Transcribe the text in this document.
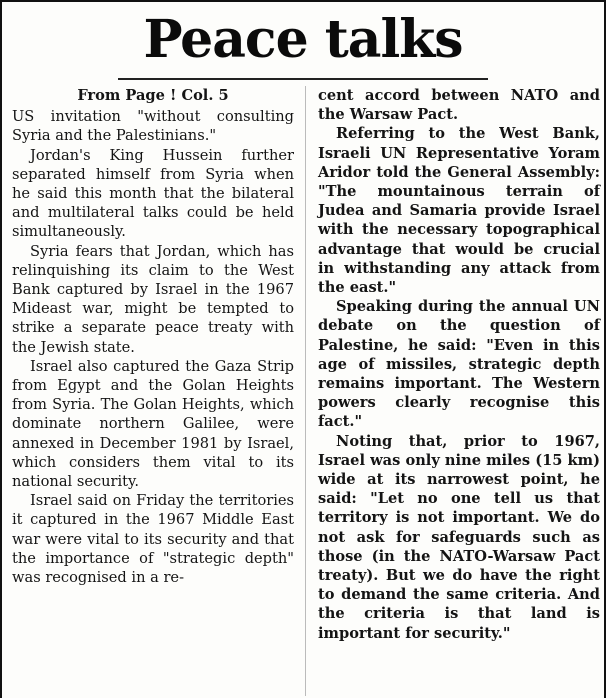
Peace talks

From Page ! Col. 5

US invitation "without consulting Syria and the Palestinians."

Jordan's King Hussein further separated himself from Syria when he said this month that the bilateral and multilateral talks could be held simultaneously.

Syria fears that Jordan, which has relinquishing its claim to the West Bank captured by Israel in the 1967 Mideast war, might be tempted to strike a separate peace treaty with the Jewish state.

Israel also captured the Gaza Strip from Egypt and the Golan Heights from Syria. The Golan Heights, which dominate northern Galilee, were annexed in December 1981 by Israel, which considers them vital to its national security.

Israel said on Friday the territories it captured in the 1967 Middle East war were vital to its security and that the importance of "strategic depth" was recognised in a re-

cent accord between NATO and the Warsaw Pact.

Referring to the West Bank, Israeli UN Representative Yoram Aridor told the General Assembly: "The mountainous terrain of Judea and Samaria provide Israel with the necessary topographical advantage that would be crucial in withstanding any attack from the east."

Speaking during the annual UN debate on the question of Palestine, he said: "Even in this age of missiles, strategic depth remains important. The Western powers clearly recognise this fact."

Noting that, prior to 1967, Israel was only nine miles (15 km) wide at its narrowest point, he said: "Let no one tell us that territory is not important. We do not ask for safeguards such as those (in the NATO-Warsaw Pact treaty). But we do have the right to demand the same criteria. And the criteria is that land is important for security."
